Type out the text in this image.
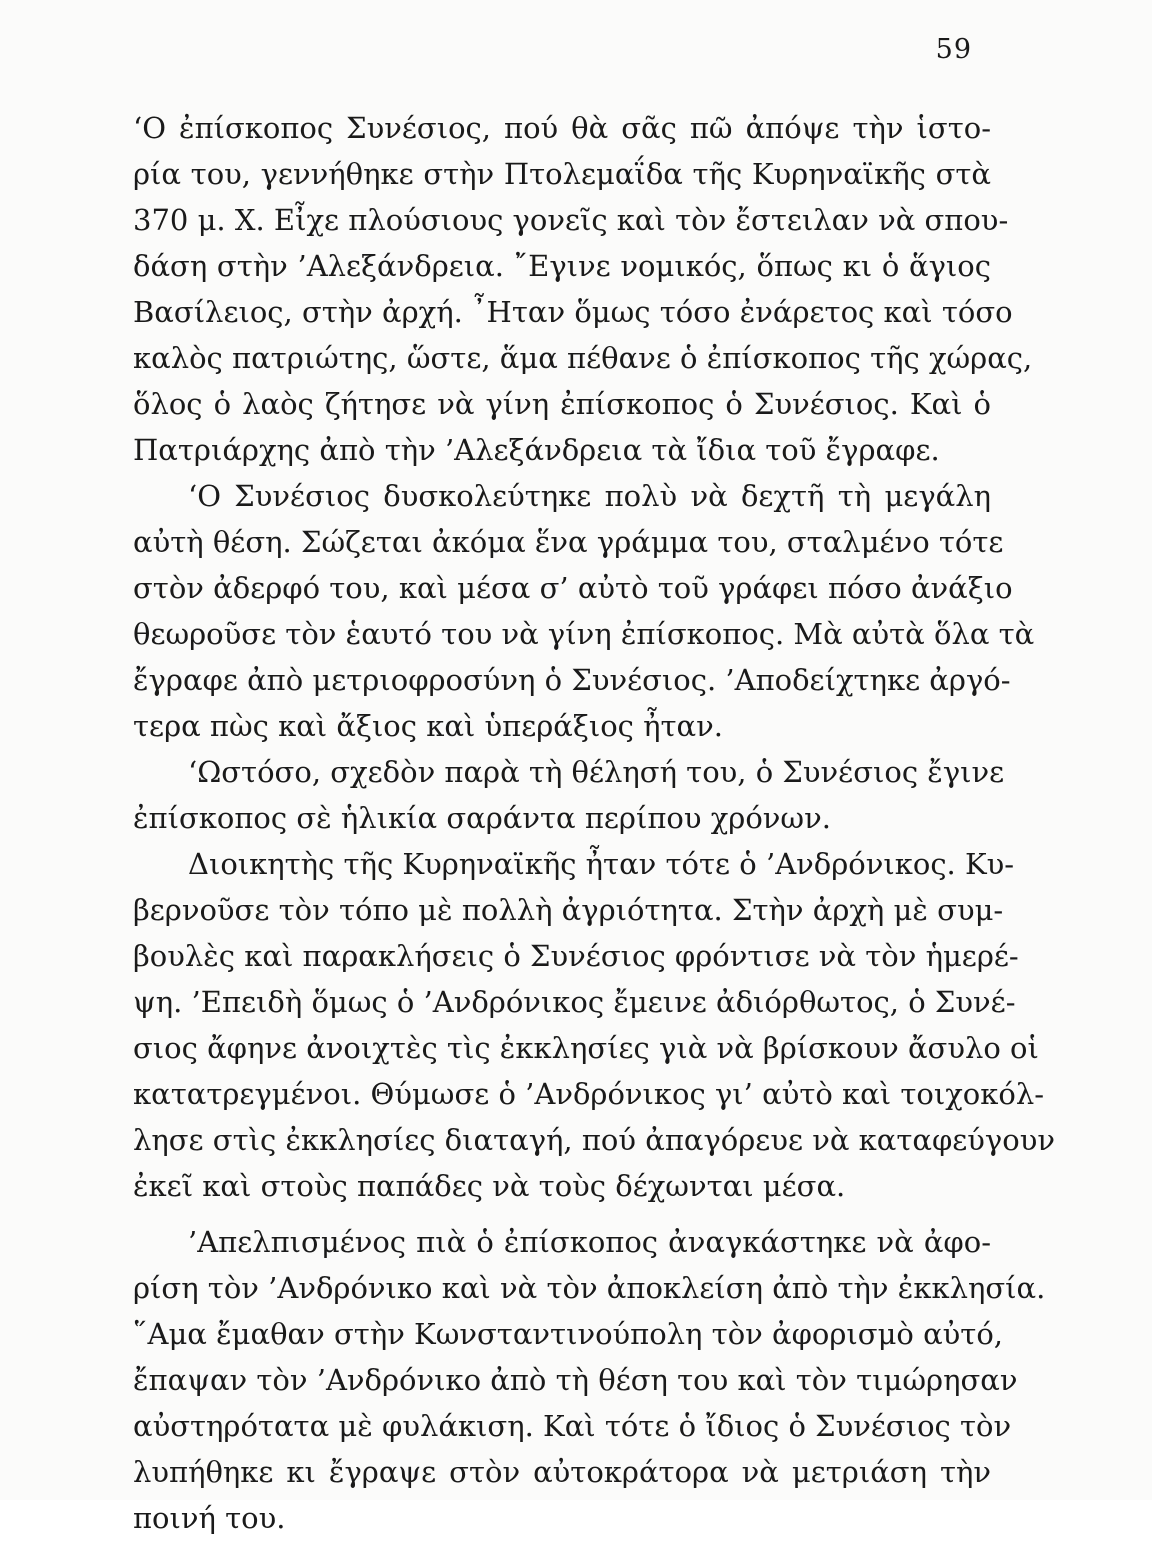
59
‘Ο ἐπίσκοπος Συνέσιος, πού θὰ σᾶς πῶ ἀπόψε τὴν ἱστο-
ρία του, γεννήθηκε στὴν Πτολεμαΐδα τῆς Κυρηναϊκῆς στὰ
370 μ. Χ. Εἶχε πλούσιους γονεῖς καὶ τὸν ἔστειλαν νὰ σπου-
δάση στὴν ’Αλεξάνδρεια. ῎Εγινε νομικός, ὅπως κι ὁ ἅγιος
Βασίλειος, στὴν ἀρχή. ῏Ηταν ὅμως τόσο ἐνάρετος καὶ τόσο
καλὸς πατριώτης, ὥστε, ἅμα πέθανε ὁ ἐπίσκοπος τῆς χώρας,
ὅλος ὁ λαὸς ζήτησε νὰ γίνη ἐπίσκοπος ὁ Συνέσιος. Καὶ ὁ
Πατριάρχης ἀπὸ τὴν ’Αλεξάνδρεια τὰ ἴδια τοῦ ἔγραφε.
‘Ο Συνέσιος δυσκολεύτηκε πολὺ νὰ δεχτῆ τὴ μεγάλη
αὐτὴ θέση. Σώζεται ἀκόμα ἕνα γράμμα του, σταλμένο τότε
στὸν ἀδερφό του, καὶ μέσα σ’ αὐτὸ τοῦ γράφει πόσο ἀνάξιο
θεωροῦσε τὸν ἑαυτό του νὰ γίνη ἐπίσκοπος. Μὰ αὐτὰ ὅλα τὰ
ἔγραφε ἀπὸ μετριοφροσύνη ὁ Συνέσιος. ’Αποδείχτηκε ἀργό-
τερα πὼς καὶ ἄξιος καὶ ὑπεράξιος ἦταν.
‘Ωστόσο, σχεδὸν παρὰ τὴ θέλησή του, ὁ Συνέσιος ἔγινε
ἐπίσκοπος σὲ ἡλικία σαράντα περίπου χρόνων.
Διοικητὴς τῆς Κυρηναϊκῆς ἦταν τότε ὁ ’Ανδρόνικος. Κυ-
βερνοῦσε τὸν τόπο μὲ πολλὴ ἀγριότητα. Στὴν ἀρχὴ μὲ συμ-
βουλὲς καὶ παρακλήσεις ὁ Συνέσιος φρόντισε νὰ τὸν ἡμερέ-
ψη. ’Επειδὴ ὅμως ὁ ’Ανδρόνικος ἔμεινε ἀδιόρθωτος, ὁ Συνέ-
σιος ἄφηνε ἀνοιχτὲς τὶς ἐκκλησίες γιὰ νὰ βρίσκουν ἄσυλο οἱ
κατατρεγμένοι. Θύμωσε ὁ ’Ανδρόνικος γι’ αὐτὸ καὶ τοιχοκόλ-
λησε στὶς ἐκκλησίες διαταγή, πού ἀπαγόρευε νὰ καταφεύγουν
ἐκεῖ καὶ στοὺς παπάδες νὰ τοὺς δέχωνται μέσα.
’Απελπισμένος πιὰ ὁ ἐπίσκοπος ἀναγκάστηκε νὰ ἀφο-
ρίση τὸν ’Ανδρόνικο καὶ νὰ τὸν ἀποκλείση ἀπὸ τὴν ἐκκλησία.
῞Αμα ἔμαθαν στὴν Κωνσταντινούπολη τὸν ἀφορισμὸ αὐτό,
ἔπαψαν τὸν ’Ανδρόνικο ἀπὸ τὴ θέση του καὶ τὸν τιμώρησαν
αὐστηρότατα μὲ φυλάκιση. Καὶ τότε ὁ ἴδιος ὁ Συνέσιος τὸν
λυπήθηκε κι ἔγραψε στὸν αὐτοκράτορα νὰ μετριάση τὴν
ποινή του.
